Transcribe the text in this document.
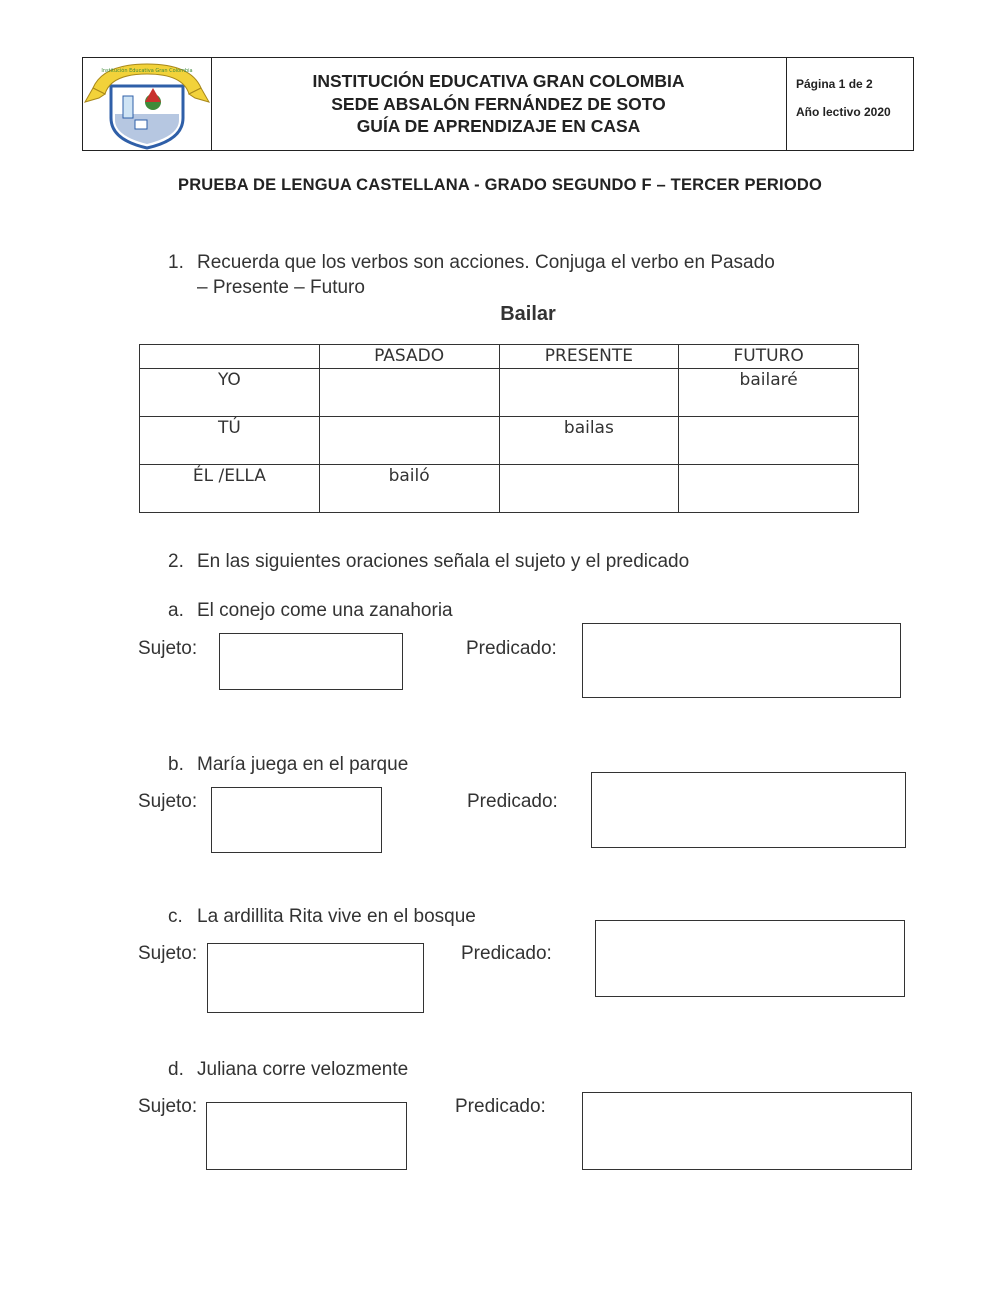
Institución Educativa Gran Colombia	INSTITUCIÓN EDUCATIVA GRAN COLOMBIA
SEDE ABSALÓN FERNÁNDEZ DE SOTO
GUÍA DE APRENDIZAJE EN CASA
Página 1 de 2
Año lectivo 2020
PRUEBA DE LENGUA CASTELLANA - GRADO SEGUNDO F – TERCER PERIODO
1. Recuerda que los verbos son acciones. Conjuga el verbo en Pasado
– Presente – Futuro
Bailar
	PASADO	PRESENTE	FUTURO
YO			bailaré
TÚ		bailas	
ÉL /ELLA	bailó		
2. En las siguientes oraciones señala el sujeto y el predicado
a. El conejo come una zanahoria
Sujeto:	Predicado:
b. María juega en el parque
Sujeto:	Predicado:
c. La ardillita Rita vive en el bosque
Sujeto:	Predicado:
d. Juliana corre velozmente
Sujeto:	Predicado:
